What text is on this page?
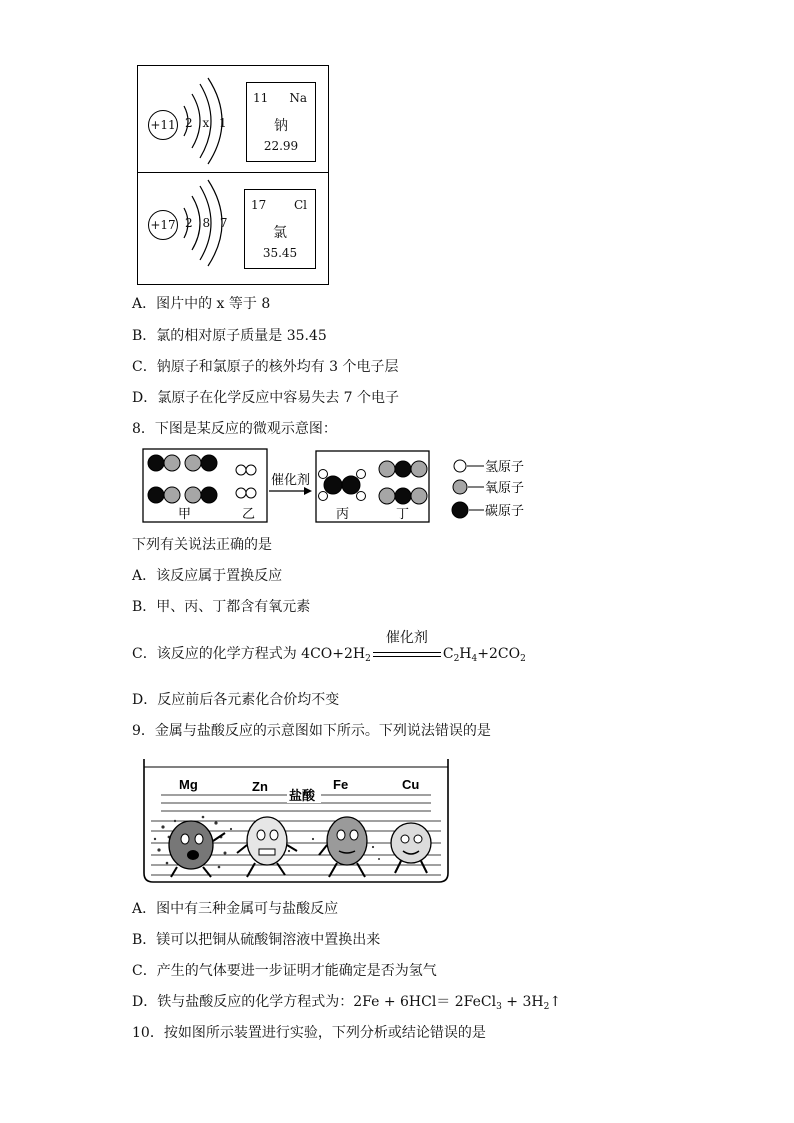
+11 2 x 1
11 Na
钠
22.99
+17 2 8 7
17 Cl
氯
35.45
A．图片中的 x 等于 8
B．氯的相对原子质量是 35.45
C．钠原子和氯原子的核外均有 3 个电子层
D．氯原子在化学反应中容易失去 7 个电子
8．下图是某反应的微观示意图：
甲	乙
催化剂
丙	丁
氢原子
氧原子
碳原子
下列有关说法正确的是
A．该反应属于置换反应
B．甲、丙、丁都含有氧元素
C．该反应的化学方程式为 $4CO+2H_2$
催化剂
$C_2H_4+2CO_2$
D．反应前后各元素化合价均不变
9．金属与盐酸反应的示意图如下所示。下列说法错误的是
Mg	Zn	Fe	Cu
盐酸
A．图中有三种金属可与盐酸反应
B．镁可以把铜从硫酸铜溶液中置换出来
C．产生的气体要进一步证明才能确定是否为氢气
D．铁与盐酸反应的化学方程式为：2Fe + 6HCl＝ 2FeCl$_3$ + $3H_2↑$
10．按如图所示装置进行实验，下列分析或结论错误的是
